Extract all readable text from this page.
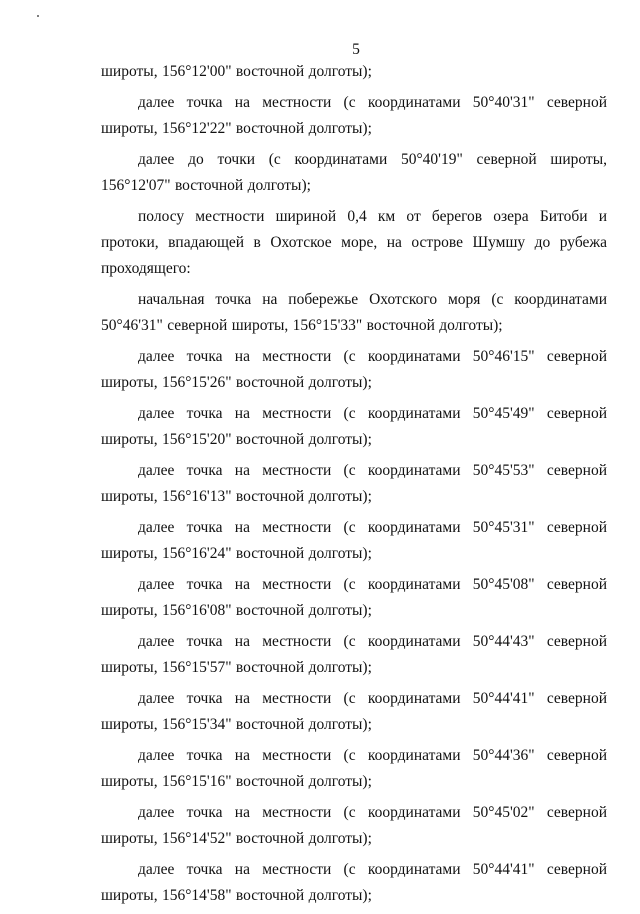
5

широты, 156°12'00" восточной долготы);

далее точка на местности (с координатами 50°40'31" северной широты, 156°12'22" восточной долготы);

далее до точки (с координатами 50°40'19" северной широты, 156°12'07" восточной долготы);

полосу местности шириной 0,4 км от берегов озера Битоби и протоки, впадающей в Охотское море, на острове Шумшу до рубежа проходящего:

начальная точка на побережье Охотского моря (с координатами 50°46'31" северной широты, 156°15'33" восточной долготы);

далее точка на местности (с координатами 50°46'15" северной широты, 156°15'26" восточной долготы);

далее точка на местности (с координатами 50°45'49" северной широты, 156°15'20" восточной долготы);

далее точка на местности (с координатами 50°45'53" северной широты, 156°16'13" восточной долготы);

далее точка на местности (с координатами 50°45'31" северной широты, 156°16'24" восточной долготы);

далее точка на местности (с координатами 50°45'08" северной широты, 156°16'08" восточной долготы);

далее точка на местности (с координатами 50°44'43" северной широты, 156°15'57" восточной долготы);

далее точка на местности (с координатами 50°44'41" северной широты, 156°15'34" восточной долготы);

далее точка на местности (с координатами 50°44'36" северной широты, 156°15'16" восточной долготы);

далее точка на местности (с координатами 50°45'02" северной широты, 156°14'52" восточной долготы);

далее точка на местности (с координатами 50°44'41" северной широты, 156°14'58" восточной долготы);
